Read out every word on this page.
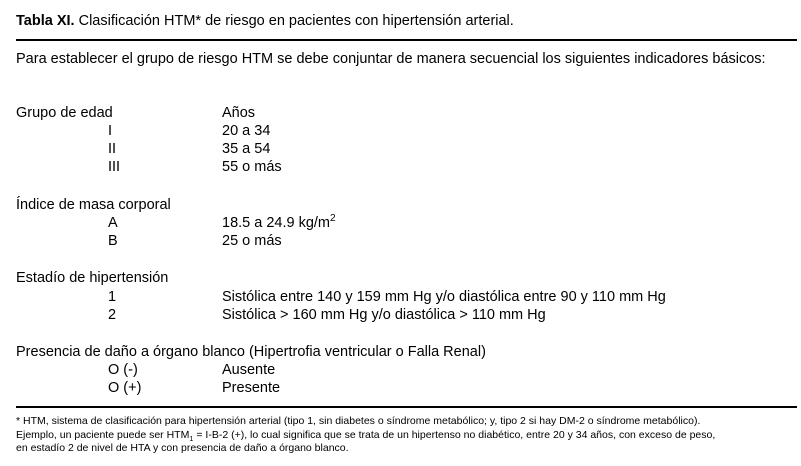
Tabla XI. Clasificación HTM* de riesgo en pacientes con hipertensión arterial.
Para establecer el grupo de riesgo HTM se debe conjuntar de manera secuencial los siguientes indicadores básicos:
Grupo de edad	Años
I	20 a 34
II	35 a 54
III	55 o más
Índice de masa corporal
A	18.5 a 24.9 $kg/m^2$
B	25 o más
Estadío de hipertensión
1	Sistólica entre 140 y 159 mm Hg y/o diastólica entre 90 y 110 mm Hg
2	Sistólica > 160 mm Hg y/o diastólica > 110 mm Hg
Presencia de daño a órgano blanco (Hipertrofia ventricular o Falla Renal)
O (-)	Ausente
O (+)	Presente
* HTM, sistema de clasificación para hipertensión arterial (tipo 1, sin diabetes o síndrome metabólico; y, tipo 2 si hay DM-2 o síndrome metabólico).
Ejemplo, un paciente puede ser $HTM_1 = I-B-2$ (+), lo cual significa que se trata de un hipertenso no diabético, entre 20 y 34 años, con exceso de peso,
en estadío 2 de nivel de HTA y con presencia de daño a órgano blanco.
